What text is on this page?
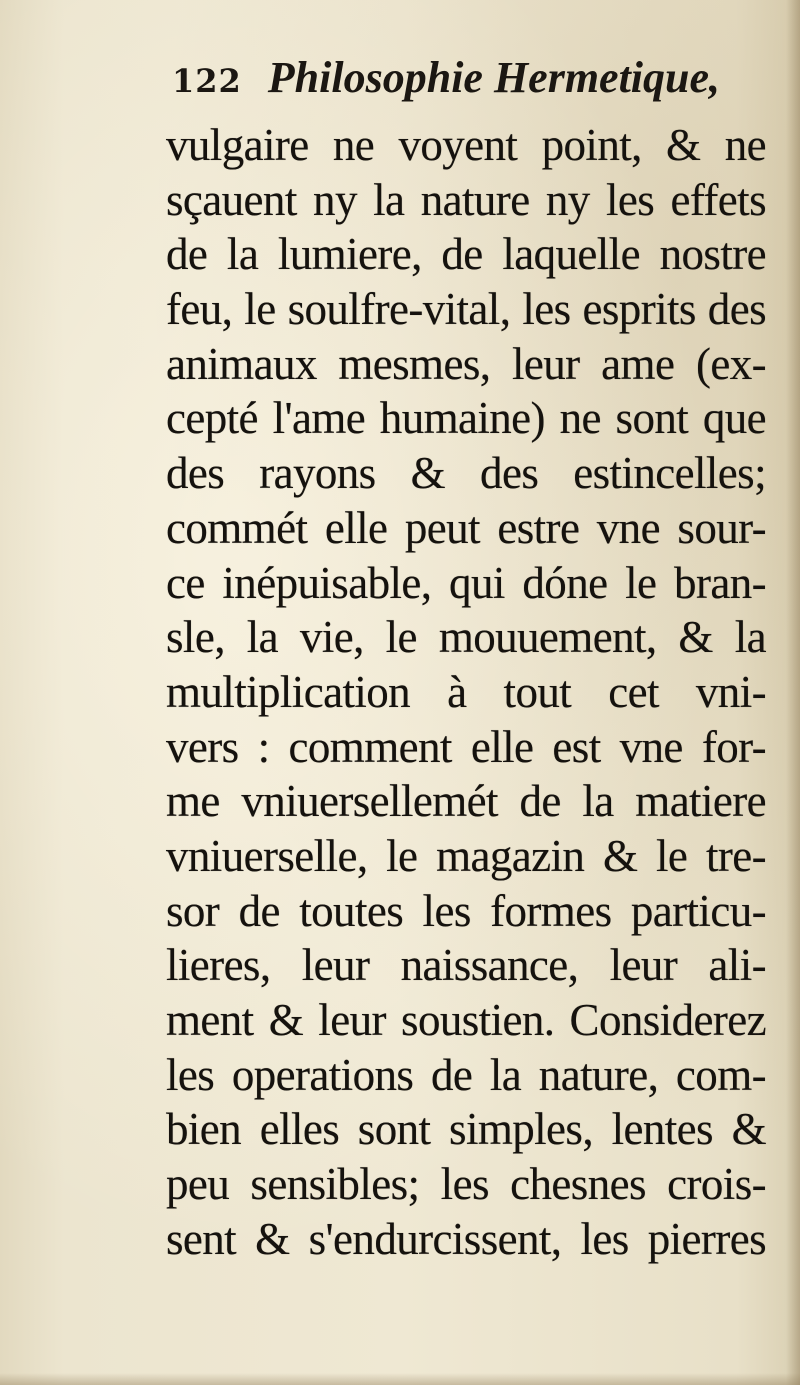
122 Philosophie Hermetique,
vulgaire ne voyent point, & ne
sçauent ny la nature ny les effets
de la lumiere, de laquelle nostre
feu, le soulfre-vital, les esprits des
animaux mesmes, leur ame (ex-
cepté l'ame humaine) ne sont que
des rayons & des estincelles;
commét elle peut estre vne sour-
ce inépuisable, qui dóne le bran-
sle, la vie, le mouuement, & la
multiplication à tout cet vni-
vers : comment elle est vne for-
me vniuersellemét de la matiere
vniuerselle, le magazin & le tre-
sor de toutes les formes particu-
lieres, leur naissance, leur ali-
ment & leur soustien. Considerez
les operations de la nature, com-
bien elles sont simples, lentes &
peu sensibles; les chesnes crois-
sent & s'endurcissent, les pierres
